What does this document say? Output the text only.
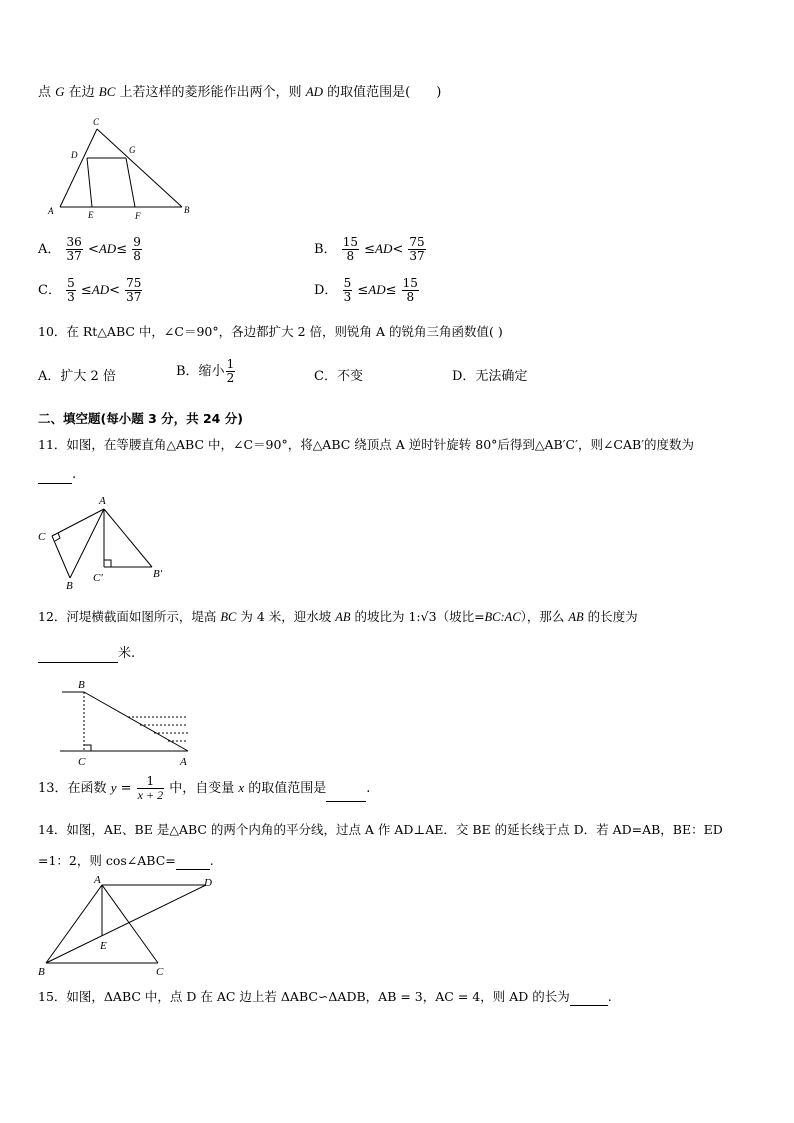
点 G 在边 BC 上若这样的菱形能作出两个，则 AD 的取值范围是(　　)
A	B
C
D
E	F
G
A． $\frac{36}{37} <AD\le \frac{9}{8}$	B． $\frac{15}{8} \le AD< \frac{75}{37}$
C． $\frac{5}{3} \le AD< \frac{75}{37}$	D． $\frac{5}{3} \le AD\le \frac{15}{8}$
10．在 Rt△ABC 中，∠C＝90°，各边都扩大 2 倍，则锐角 A 的锐角三角函数值( )
A．扩大 2 倍	B．缩小 $\frac{1}{2}$	C．不变	D．无法确定
二、填空题(每小题 3 分，共 24 分)
11．如图，在等腰直角△ABC 中，∠C＝90°，将△ABC 绕顶点 A 逆时针旋转 80°后得到△AB′C′，则∠CAB′的度数为
.
A
B
C
C′	B′
12．河堤横截面如图所示，堤高 BC 为 4 米，迎水坡 AB 的坡比为 1:√3（坡比=BC:AC），那么 AB 的长度为
米.
B
C	A
13．在函数 $y = \frac{1}{x + 2}$ 中，自变量 x 的取值范围是	.
14．如图，AE、BE 是△ABC 的两个内角的平分线，过点 A 作 AD⊥AE．交 BE 的延长线于点 D．若 AD=AB，BE：ED
=1：2，则 cos∠ABC=	.
A	D
E
B	C
15．如图，ΔABC 中，点 D 在 AC 边上若 ΔABC∽ΔADB，AB = 3，AC = 4，则 AD 的长为	.
